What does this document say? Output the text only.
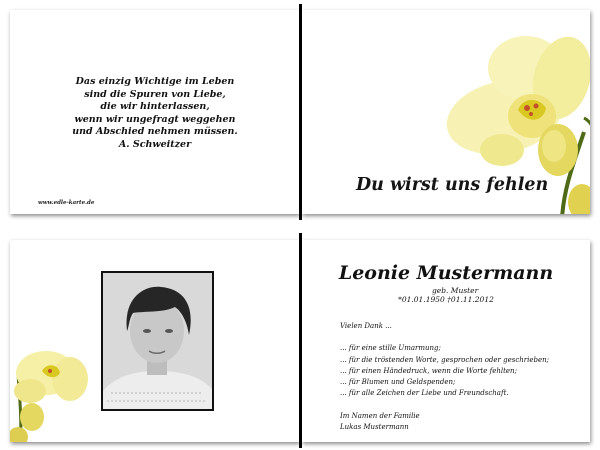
Das einzig Wichtige im Leben
sind die Spuren von Liebe,
die wir hinterlassen,
wenn wir ungefragt weggehen
und Abschied nehmen müssen.
A. Schweitzer
www.edle-karte.de
Du wirst uns fehlen
Leonie Mustermann
geb. Muster
*01.01.1950 †01.11.2012
Vielen Dank ...
... für eine stille Umarmung;
... für die tröstenden Worte, gesprochen oder geschrieben;
... für einen Händedruck, wenn die Worte fehlten;
... für Blumen und Geldspenden;
... für alle Zeichen der Liebe und Freundschaft.
Im Namen der Familie
Lukas Mustermann
